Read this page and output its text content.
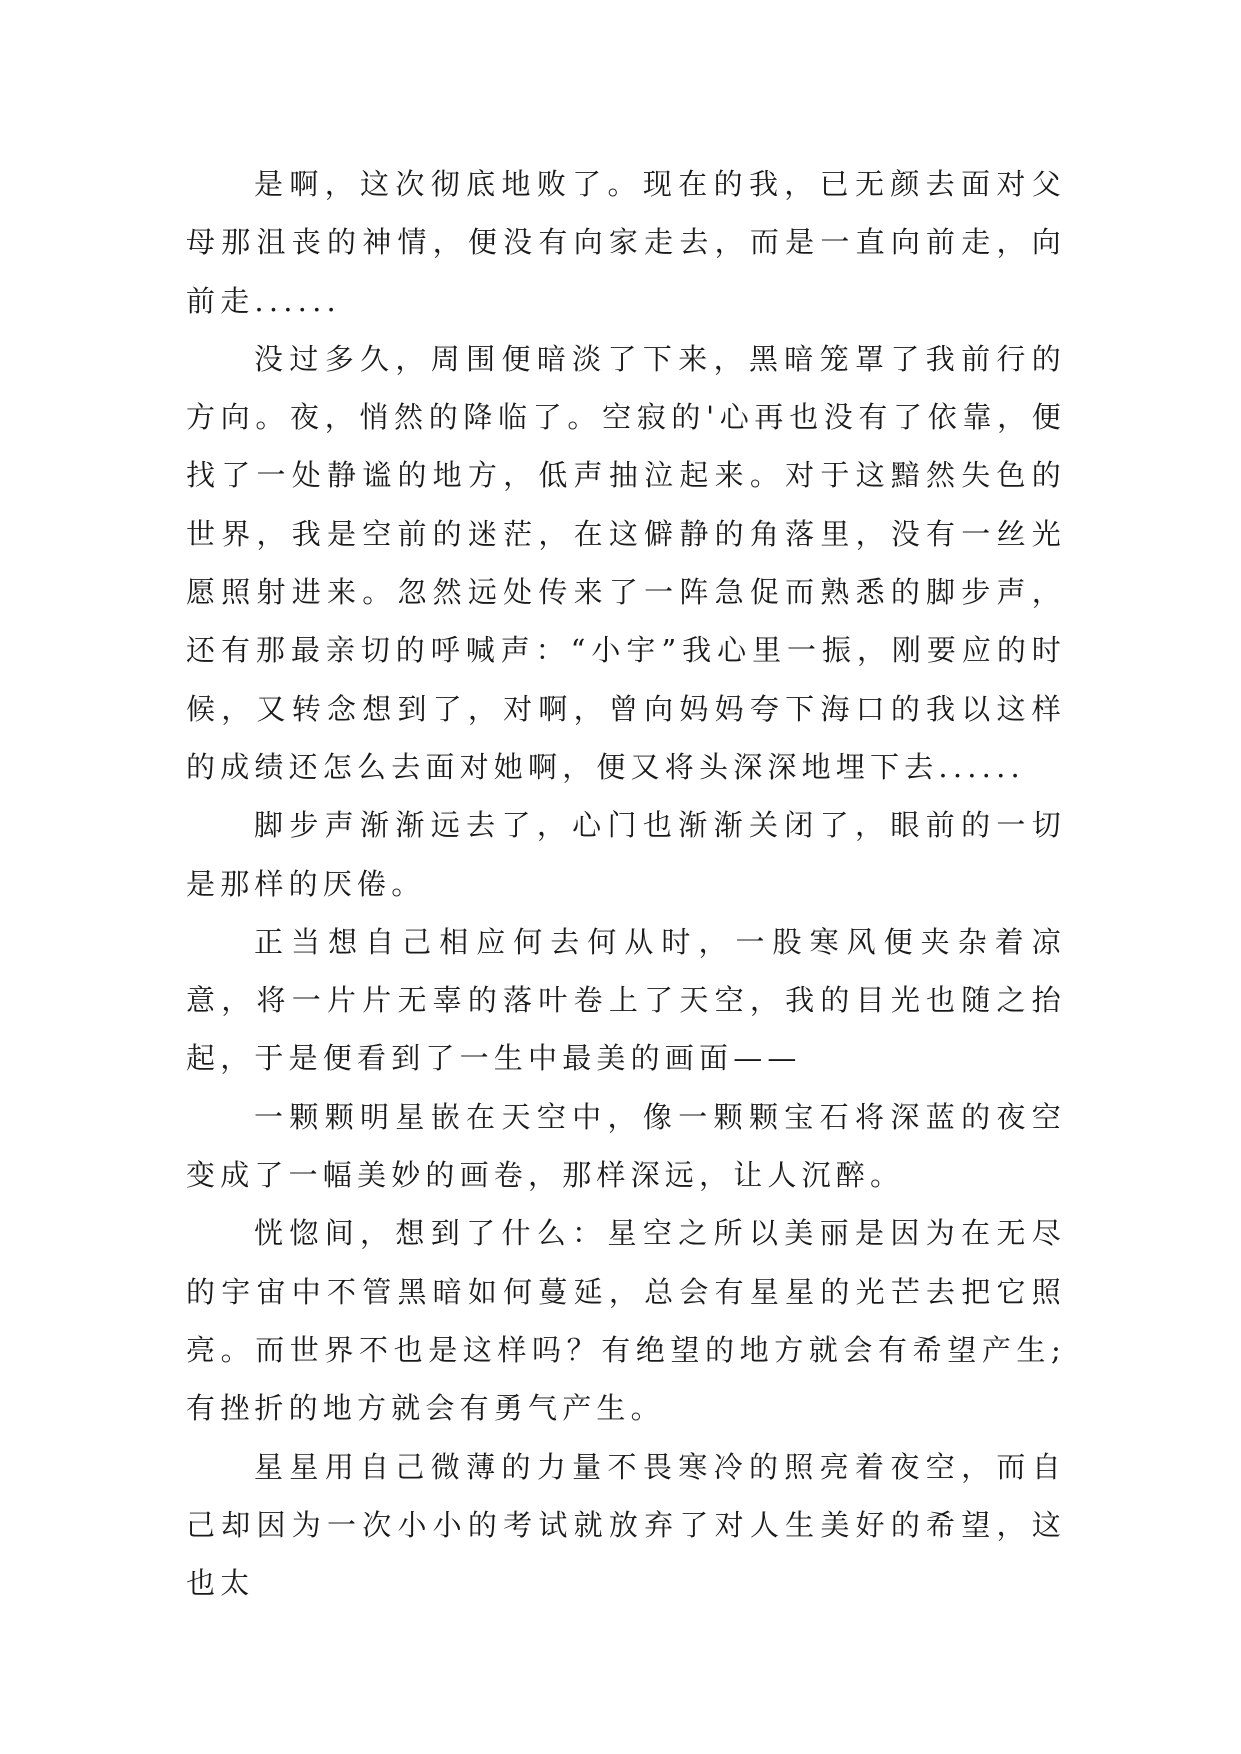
是啊，这次彻底地败了。现在的我，已无颜去面对父母那沮丧的神情，便没有向家走去，而是一直向前走，向前走......

没过多久，周围便暗淡了下来，黑暗笼罩了我前行的方向。夜，悄然的降临了。空寂的'心再也没有了依靠，便找了一处静谧的地方，低声抽泣起来。对于这黯然失色的世界，我是空前的迷茫，在这僻静的角落里，没有一丝光愿照射进来。忽然远处传来了一阵急促而熟悉的脚步声，还有那最亲切的呼喊声：“小宇”我心里一振，刚要应的时候，又转念想到了，对啊，曾向妈妈夸下海口的我以这样的成绩还怎么去面对她啊，便又将头深深地埋下去......

脚步声渐渐远去了，心门也渐渐关闭了，眼前的一切是那样的厌倦。

正当想自己相应何去何从时，一股寒风便夹杂着凉意，将一片片无辜的落叶卷上了天空，我的目光也随之抬起，于是便看到了一生中最美的画面——

一颗颗明星嵌在天空中，像一颗颗宝石将深蓝的夜空变成了一幅美妙的画卷，那样深远，让人沉醉。

恍惚间，想到了什么：星空之所以美丽是因为在无尽的宇宙中不管黑暗如何蔓延，总会有星星的光芒去把它照亮。而世界不也是这样吗？有绝望的地方就会有希望产生;有挫折的地方就会有勇气产生。

星星用自己微薄的力量不畏寒冷的照亮着夜空，而自己却因为一次小小的考试就放弃了对人生美好的希望，这也太
